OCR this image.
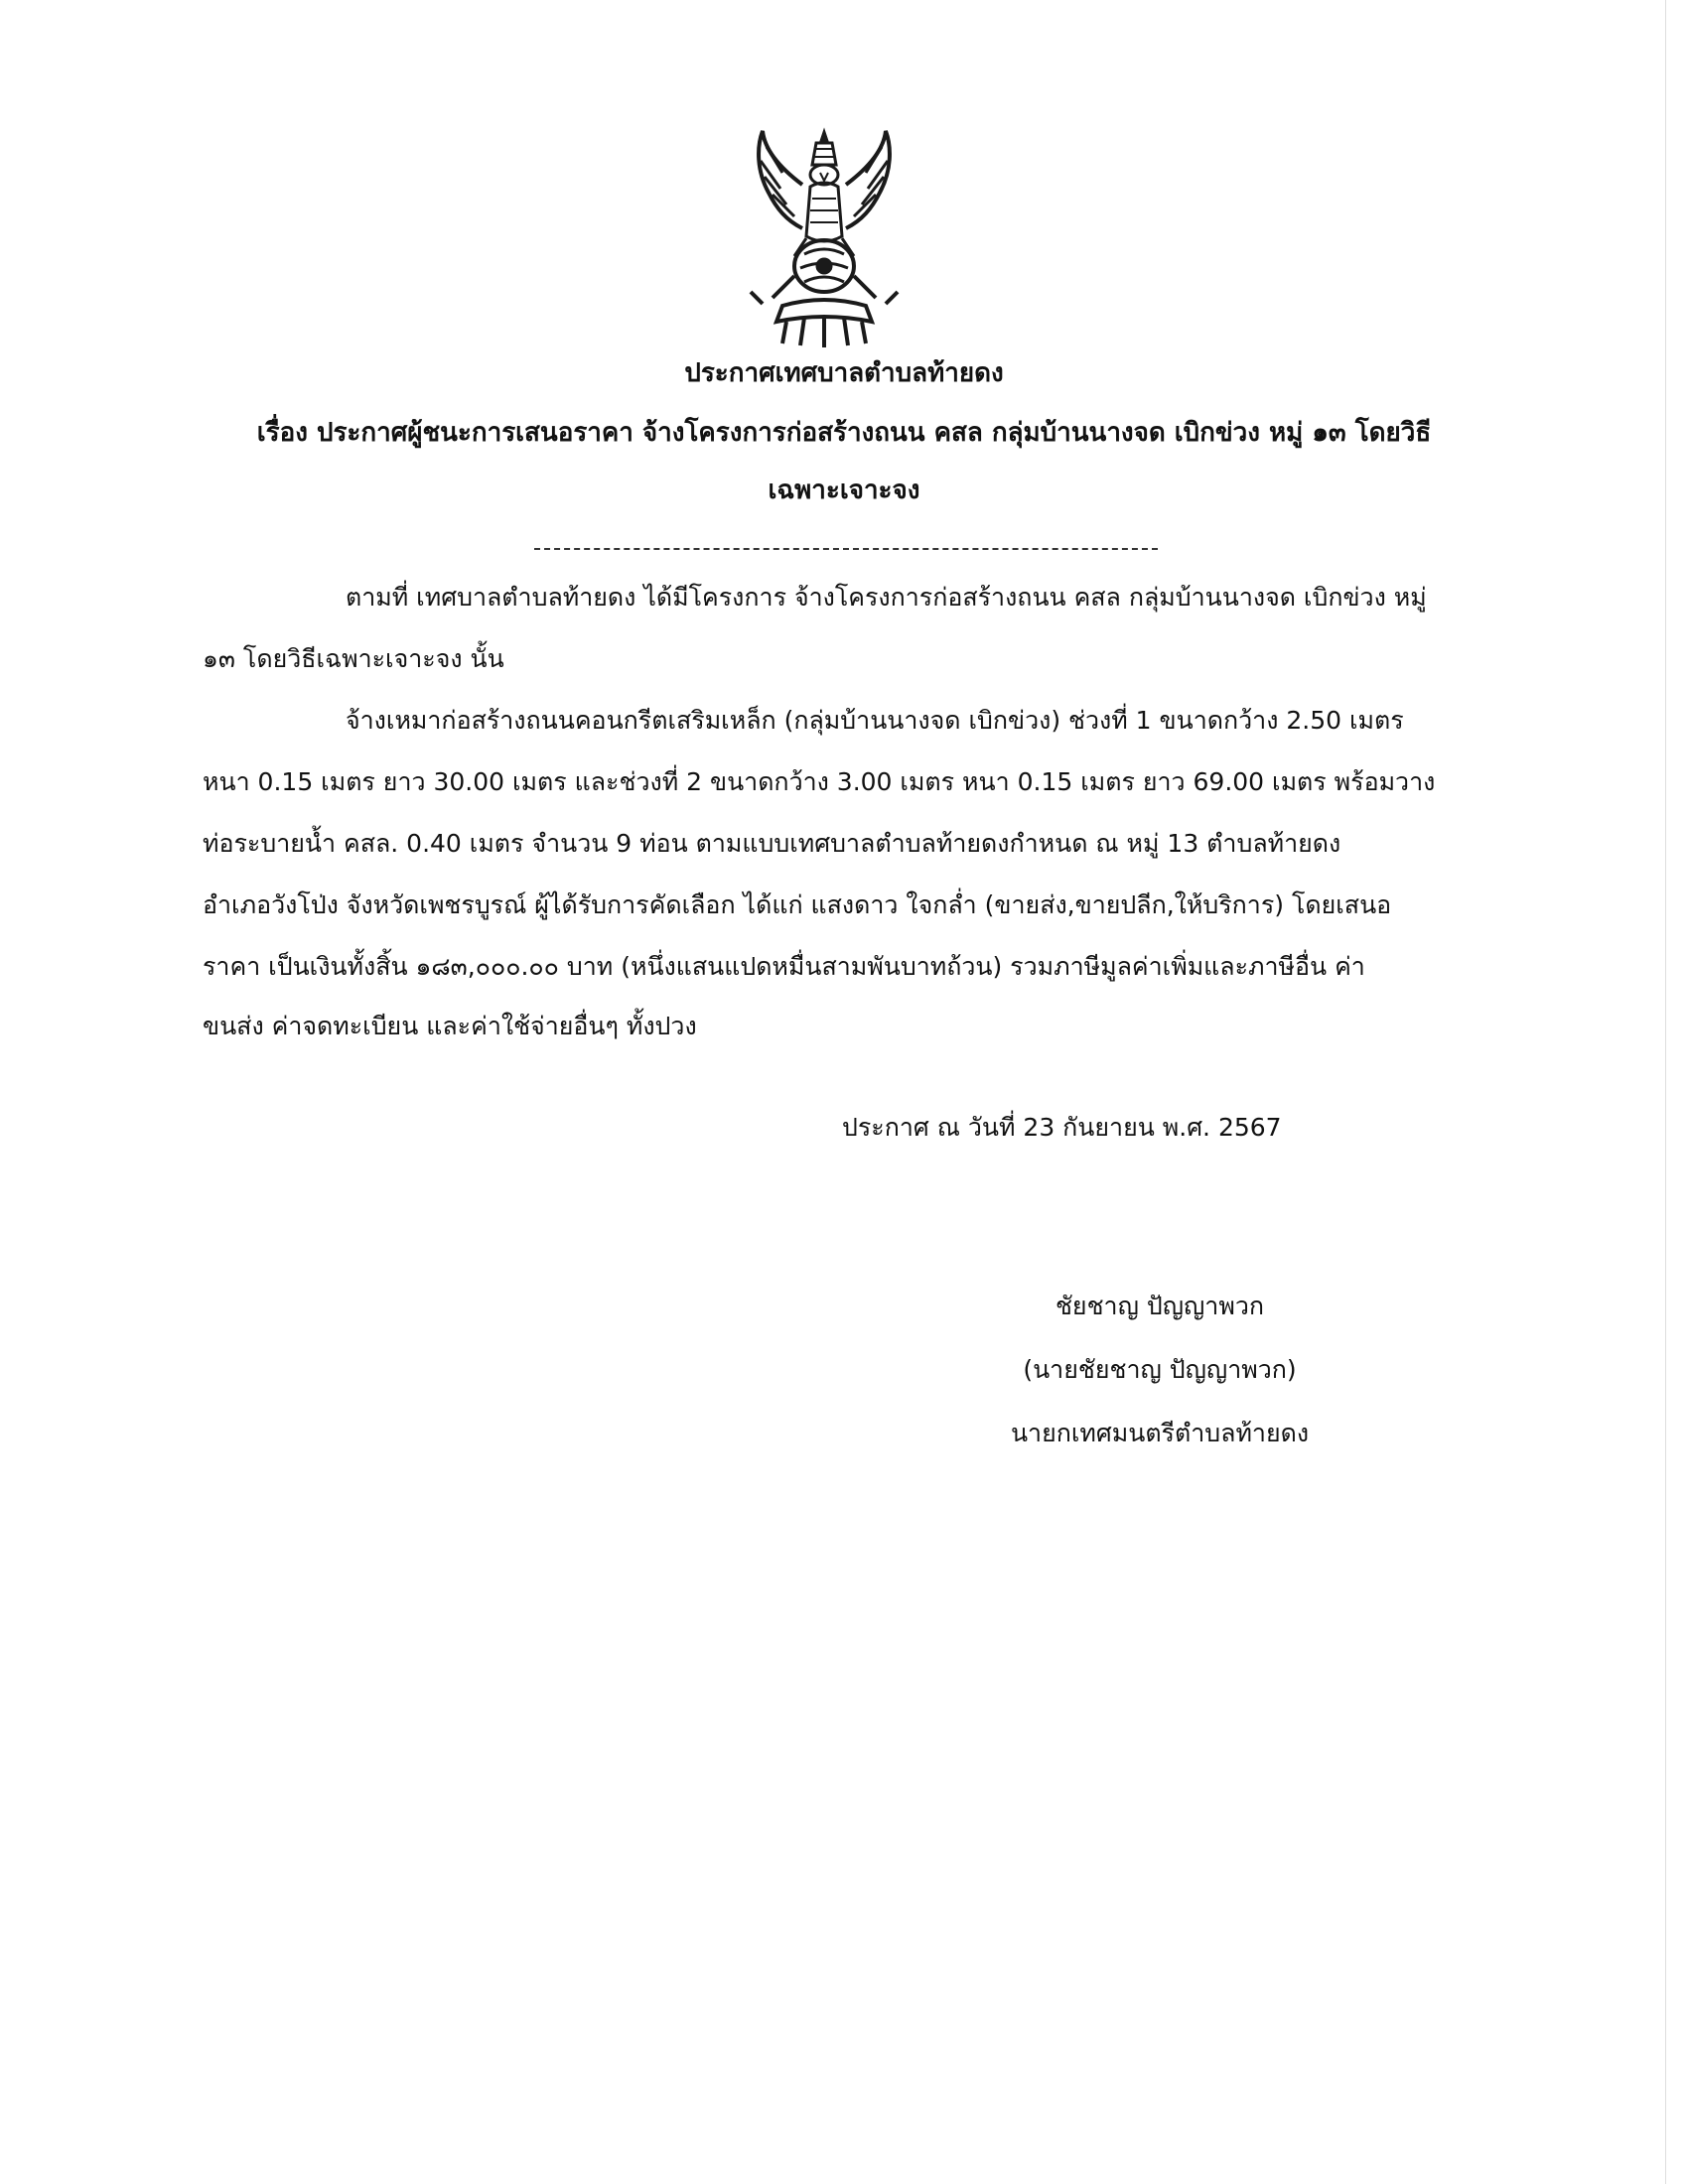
ประกาศเทศบาลตำบลท้ายดง
เรื่อง ประกาศผู้ชนะการเสนอราคา จ้างโครงการก่อสร้างถนน คสล กลุ่มบ้านนางจด เบิกข่วง หมู่ ๑๓ โดยวิธี
เฉพาะเจาะจง
ตามที่ เทศบาลตำบลท้ายดง ได้มีโครงการ จ้างโครงการก่อสร้างถนน คสล กลุ่มบ้านนางจด เบิกข่วง หมู่
๑๓ โดยวิธีเฉพาะเจาะจง นั้น
จ้างเหมาก่อสร้างถนนคอนกรีตเสริมเหล็ก (กลุ่มบ้านนางจด เบิกข่วง) ช่วงที่ 1 ขนาดกว้าง 2.50 เมตร
หนา 0.15 เมตร ยาว 30.00 เมตร และช่วงที่ 2 ขนาดกว้าง 3.00 เมตร หนา 0.15 เมตร ยาว 69.00 เมตร พร้อมวาง
ท่อระบายน้ำ คสล. 0.40 เมตร จำนวน 9 ท่อน ตามแบบเทศบาลตำบลท้ายดงกำหนด ณ หมู่ 13 ตำบลท้ายดง
อำเภอวังโป่ง จังหวัดเพชรบูรณ์ ผู้ได้รับการคัดเลือก ได้แก่ แสงดาว ใจกล่ำ (ขายส่ง,ขายปลีก,ให้บริการ) โดยเสนอ
ราคา เป็นเงินทั้งสิ้น ๑๘๓,๐๐๐.๐๐ บาท (หนึ่งแสนแปดหมื่นสามพันบาทถ้วน) รวมภาษีมูลค่าเพิ่มและภาษีอื่น ค่า
ขนส่ง ค่าจดทะเบียน และค่าใช้จ่ายอื่นๆ ทั้งปวง
ประกาศ ณ วันที่ 23 กันยายน พ.ศ. 2567
ชัยชาญ ปัญญาพวก
(นายชัยชาญ ปัญญาพวก)
นายกเทศมนตรีตำบลท้ายดง
